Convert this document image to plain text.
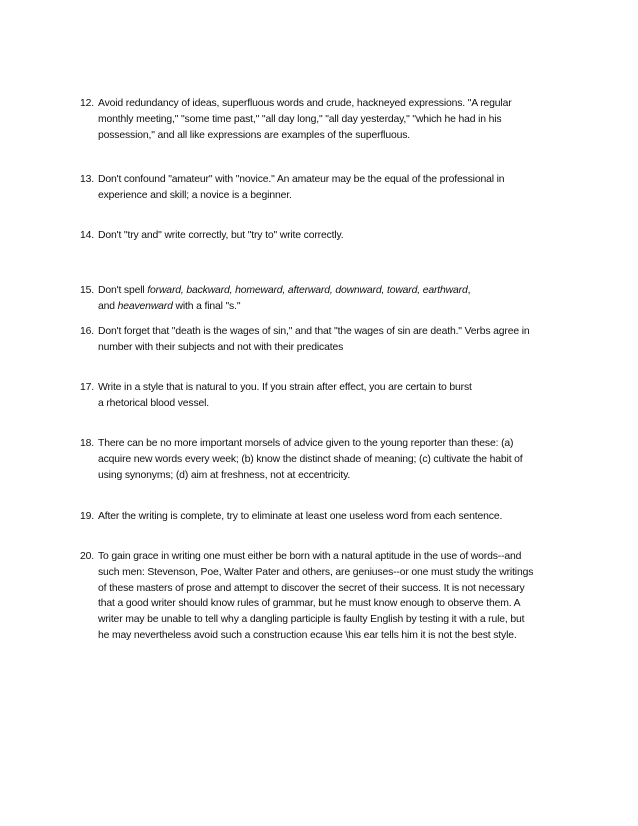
12. Avoid redundancy of ideas, superfluous words and crude, hackneyed expressions. "A regular
monthly meeting," "some time past," "all day long," "all day yesterday," "which he had in his
possession," and all like expressions are examples of the superfluous.
13. Don't confound "amateur" with "novice." An amateur may be the equal of the professional in
experience and skill; a novice is a beginner.
14. Don't "try and" write correctly, but "try to" write correctly.
15. Don't spell forward, backward, homeward, afterward, downward, toward, earthward,
and heavenward with a final "s."
16. Don't forget that "death is the wages of sin," and that "the wages of sin are death." Verbs agree in
number with their subjects and not with their predicates
17. Write in a style that is natural to you. If you strain after effect, you are certain to burst
a rhetorical blood vessel.
18. There can be no more important morsels of advice given to the young reporter than these: (a)
acquire new words every week; (b) know the distinct shade of meaning; (c) cultivate the habit of
using synonyms; (d) aim at freshness, not at eccentricity.
19. After the writing is complete, try to eliminate at least one useless word from each sentence.
20. To gain grace in writing one must either be born with a natural aptitude in the use of words--and
such men: Stevenson, Poe, Walter Pater and others, are geniuses--or one must study the writings
of these masters of prose and attempt to discover the secret of their success. It is not necessary
that a good writer should know rules of grammar, but he must know enough to observe them. A
writer may be unable to tell why a dangling participle is faulty English by testing it with a rule, but
he may nevertheless avoid such a construction ecause \his ear tells him it is not the best style.
